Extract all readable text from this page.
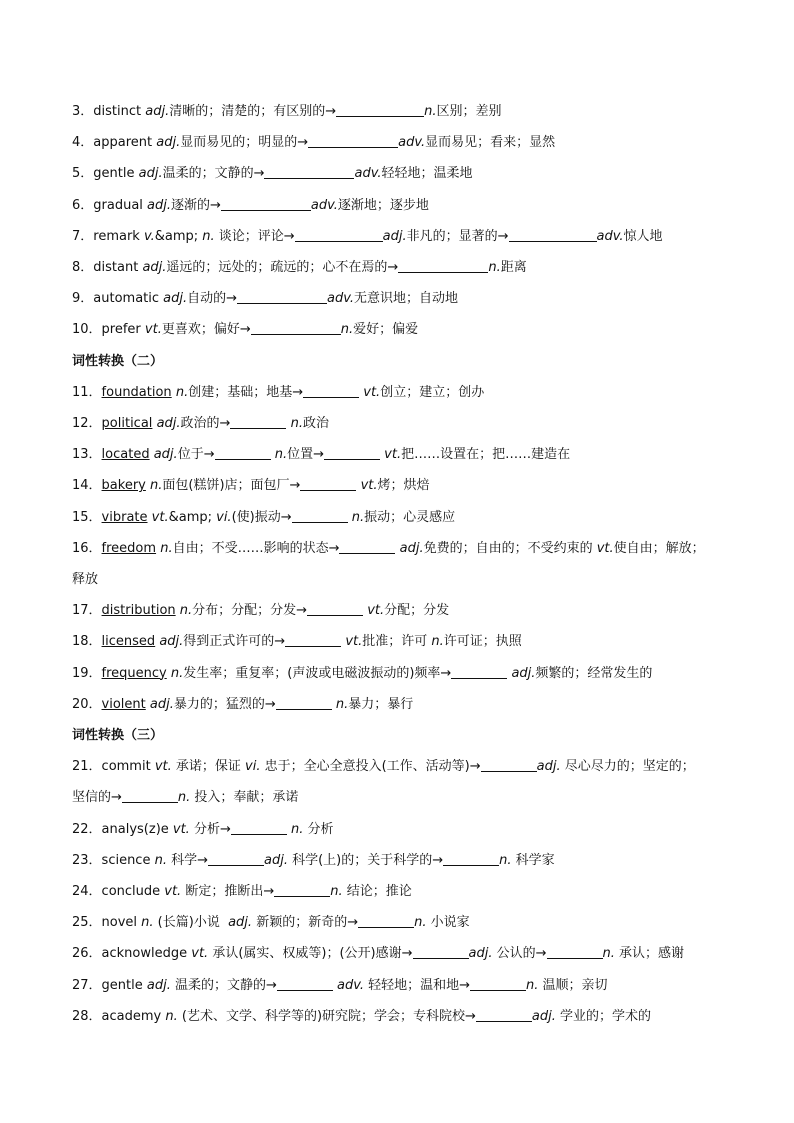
3．distinct adj.清晰的；清楚的；有区别的→	n.区别；差别
4．apparent adj.显而易见的；明显的→	adv.显而易见；看来；显然
5．gentle adj.温柔的；文静的→	adv.轻轻地；温柔地
6．gradual adj.逐渐的→	adv.逐渐地；逐步地
7．remark v.&amp; n. 谈论；评论→	adj.非凡的；显著的→	adv.惊人地
8．distant adj.遥远的；远处的；疏远的；心不在焉的→	n.距离
9．automatic adj.自动的→	adv.无意识地；自动地
10．prefer vt.更喜欢；偏好→	n.爱好；偏爱
词性转换（二）
11．foundation n.创建；基础；地基→	vt.创立；建立；创办
12．political adj.政治的→	n.政治
13．located adj.位于→	n.位置→	vt.把……设置在；把……建造在
14．bakery n.面包(糕饼)店；面包厂→	vt.烤；烘焙
15．vibrate vt.&amp; vi.(使)振动→	n.振动；心灵感应
16．freedom n.自由；不受……影响的状态→	adj.免费的；自由的；不受约束的 vt.使自由；解放；
释放
17．distribution n.分布；分配；分发→	vt.分配；分发
18．licensed adj.得到正式许可的→	vt.批准；许可 n.许可证；执照
19．frequency n.发生率；重复率；(声波或电磁波振动的)频率→	adj.频繁的；经常发生的
20．violent adj.暴力的；猛烈的→	n.暴力；暴行
词性转换（三）
21．commit vt. 承诺；保证 vi. 忠于；全心全意投入(工作、活动等)→	adj. 尽心尽力的；坚定的；
坚信的→	n. 投入；奉献；承诺
22．analys(z)e vt. 分析→	n. 分析
23．science n. 科学→	adj. 科学(上)的；关于科学的→	n. 科学家
24．conclude vt. 断定；推断出→	n. 结论；推论
25．novel n. (长篇)小说  adj. 新颖的；新奇的→	n. 小说家
26．acknowledge vt. 承认(属实、权威等)；(公开)感谢→	adj. 公认的→	n. 承认；感谢
27．gentle adj. 温柔的；文静的→	adv. 轻轻地；温和地→	n. 温顺；亲切
28．academy n. (艺术、文学、科学等的)研究院；学会；专科院校→	adj. 学业的；学术的
